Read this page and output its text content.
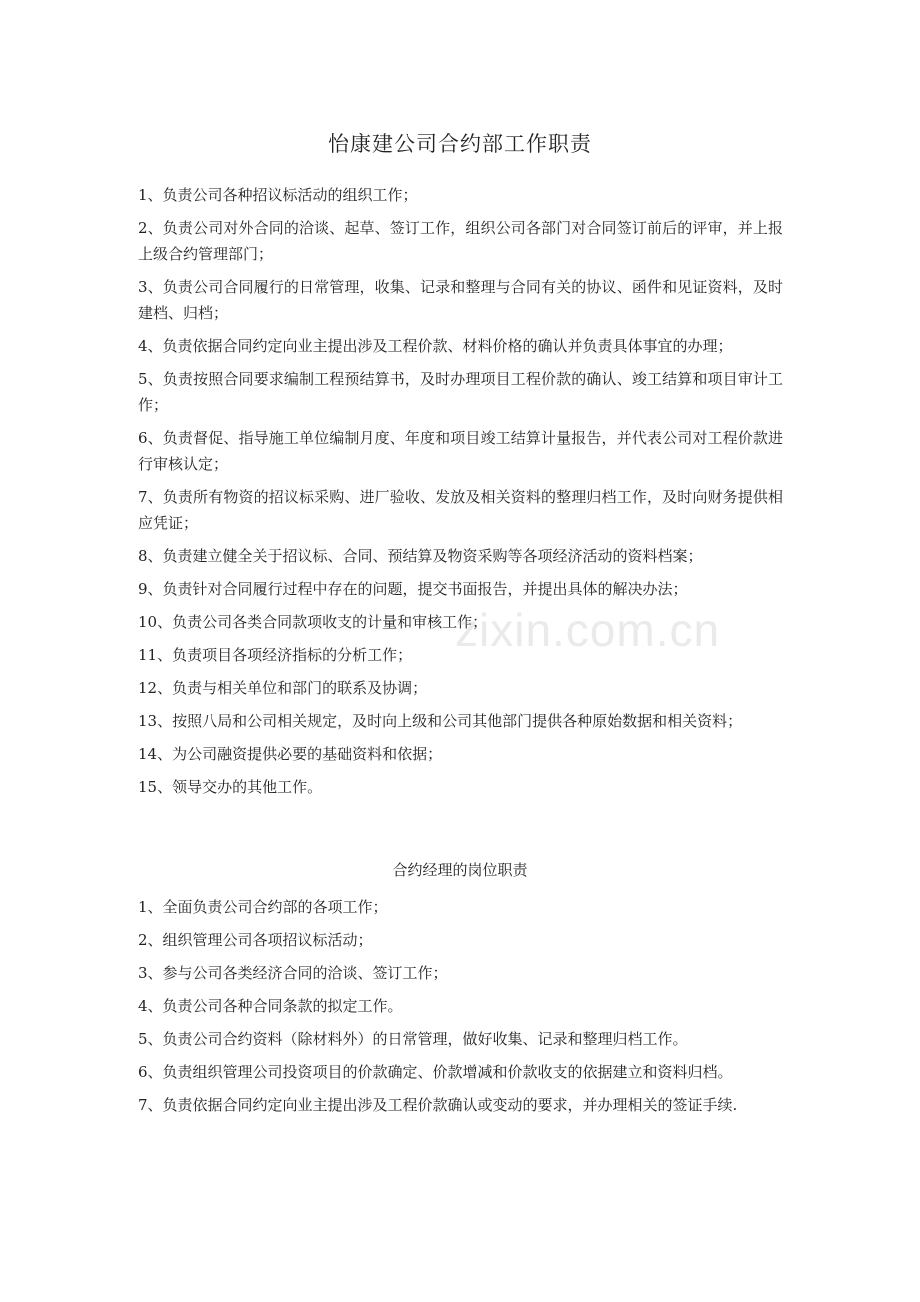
怡康建公司合约部工作职责
1、负责公司各种招议标活动的组织工作；
2、负责公司对外合同的洽谈、起草、签订工作，组织公司各部门对合同签订前后的评审，并上报上级合约管理部门；
3、负责公司合同履行的日常管理，收集、记录和整理与合同有关的协议、函件和见证资料，及时建档、归档；
4、负责依据合同约定向业主提出涉及工程价款、材料价格的确认并负责具体事宜的办理；
5、负责按照合同要求编制工程预结算书，及时办理项目工程价款的确认、竣工结算和项目审计工作；
6、负责督促、指导施工单位编制月度、年度和项目竣工结算计量报告，并代表公司对工程价款进行审核认定；
7、负责所有物资的招议标采购、进厂验收、发放及相关资料的整理归档工作，及时向财务提供相应凭证；
8、负责建立健全关于招议标、合同、预结算及物资采购等各项经济活动的资料档案；
9、负责针对合同履行过程中存在的问题，提交书面报告，并提出具体的解决办法；
10、负责公司各类合同款项收支的计量和审核工作；
11、负责项目各项经济指标的分析工作；
12、负责与相关单位和部门的联系及协调；
13、按照八局和公司相关规定，及时向上级和公司其他部门提供各种原始数据和相关资料；
14、为公司融资提供必要的基础资料和依据；
15、领导交办的其他工作。
合约经理的岗位职责
1、全面负责公司合约部的各项工作；
2、组织管理公司各项招议标活动；
3、参与公司各类经济合同的洽谈、签订工作；
4、负责公司各种合同条款的拟定工作。
5、负责公司合约资料（除材料外）的日常管理，做好收集、记录和整理归档工作。
6、负责组织管理公司投资项目的价款确定、价款增减和价款收支的依据建立和资料归档。
7、负责依据合同约定向业主提出涉及工程价款确认或变动的要求，并办理相关的签证手续.
zixin.com.cn
